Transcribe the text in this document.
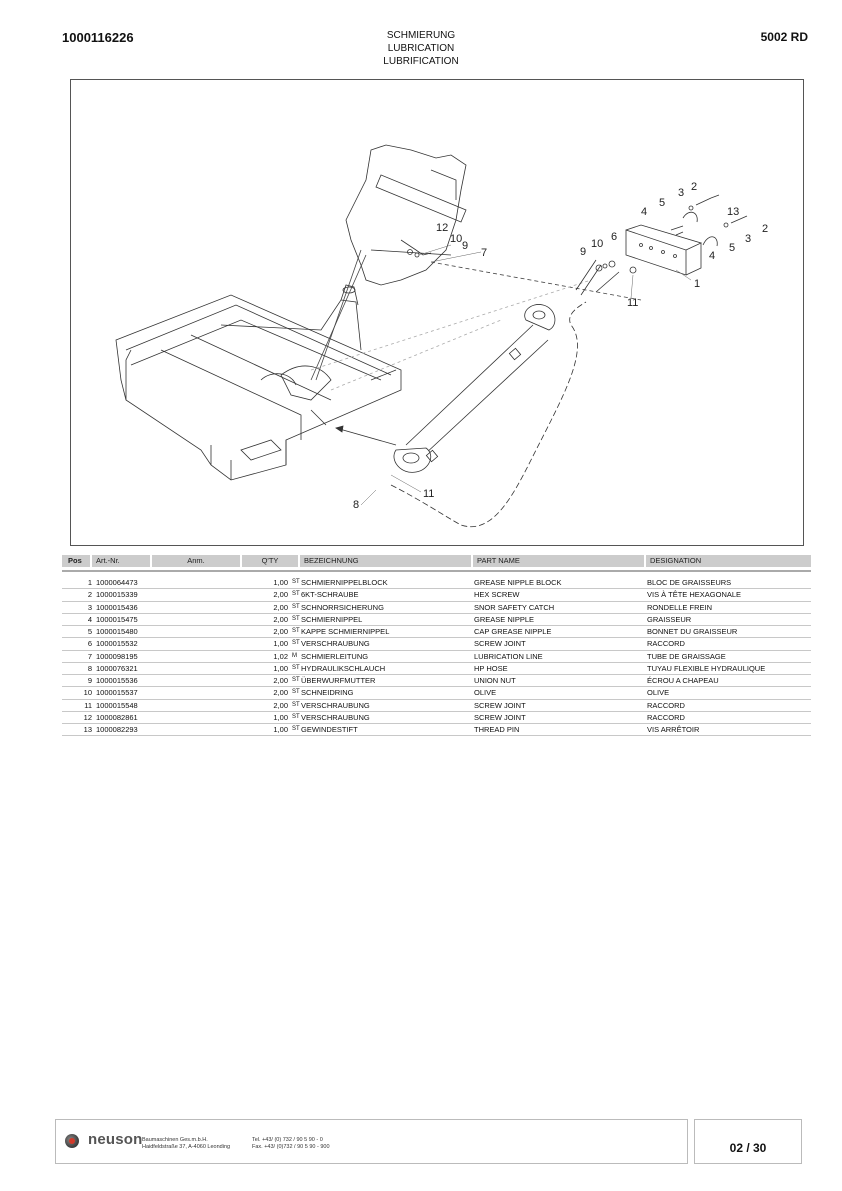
1000116226	SCHMIERUNG
LUBRICATION
LUBRIFICATION
5002 RD
1
2
2
3
3
4
4
5
5
6
7
8
9
9	10
10
11
11
12
13
Pos	Art.-Nr.	Anm.	Q'TY	BEZEICHNUNG	PART NAME	DESIGNATION
1 1000064473	1,00 ST SCHMIERNIPPELBLOCK	GREASE NIPPLE BLOCK	BLOC DE GRAISSEURS
2 1000015339	2,00 ST 6KT-SCHRAUBE	HEX SCREW	VIS À TÊTE HEXAGONALE
3 1000015436	2,00 ST SCHNORRSICHERUNG	SNOR SAFETY CATCH	RONDELLE FREIN
4 1000015475	2,00 ST SCHMIERNIPPEL	GREASE NIPPLE	GRAISSEUR
5 1000015480	2,00 ST KAPPE SCHMIERNIPPEL	CAP GREASE NIPPLE	BONNET DU GRAISSEUR
6 1000015532	1,00 ST VERSCHRAUBUNG	SCREW JOINT	RACCORD
7 1000098195	1,02 M SCHMIERLEITUNG	LUBRICATION LINE	TUBE DE GRAISSAGE
8 1000076321	1,00 ST HYDRAULIKSCHLAUCH	HP HOSE	TUYAU FLEXIBLE HYDRAULIQUE
9 1000015536	2,00 ST ÜBERWURFMUTTER	UNION NUT	ÉCROU A CHAPEAU
10 1000015537	2,00 ST SCHNEIDRING	OLIVE	OLIVE
11 1000015548	2,00 ST VERSCHRAUBUNG	SCREW JOINT	RACCORD
12 1000082861	1,00 ST VERSCHRAUBUNG	SCREW JOINT	RACCORD
13 1000082293	1,00 ST GEWINDESTIFT	THREAD PIN	VIS ARRÊTOIR
neuson Baumaschinen Ges.m.b.H.
Haidfeldstraße 37, A-4060 Leonding
Tel. +43/ (0) 732 / 90 5 90 - 0
Fax. +43/ (0)732 / 90 5 90 - 900	02 / 30
